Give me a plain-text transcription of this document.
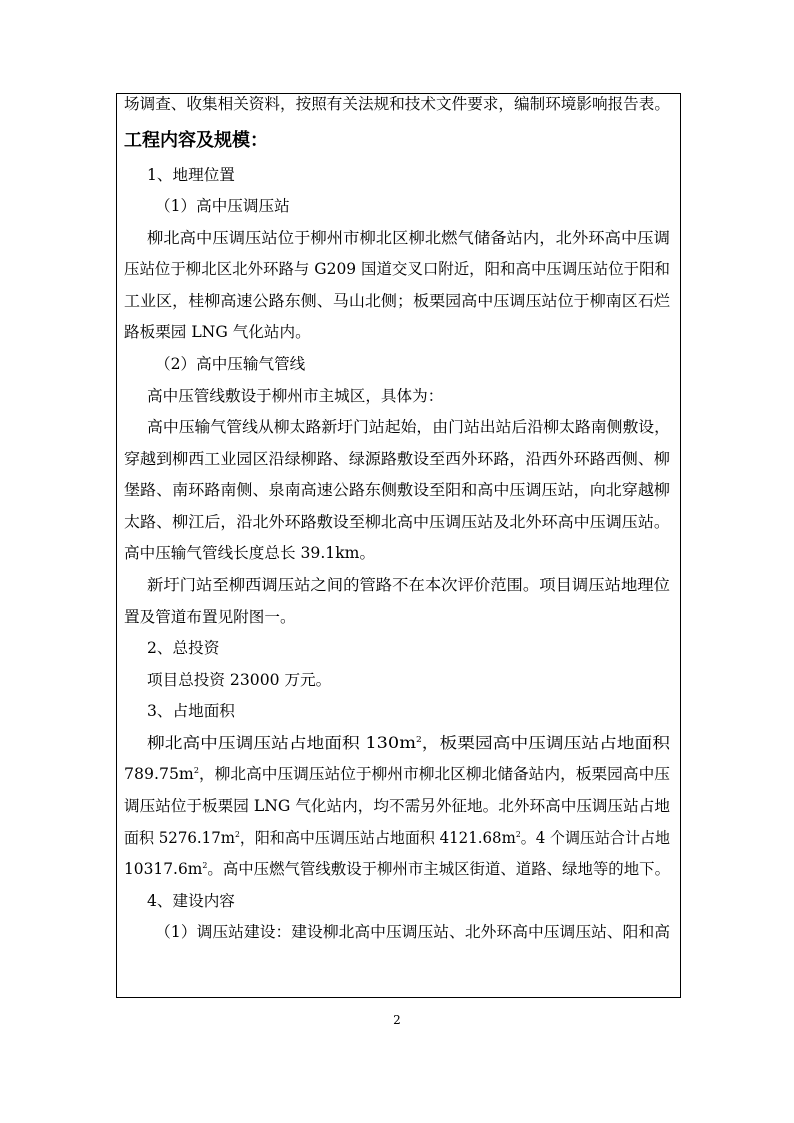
场调查、收集相关资料，按照有关法规和技术文件要求，编制环境影响报告表。
工程内容及规模：
1、地理位置
（1）高中压调压站
柳北高中压调压站位于柳州市柳北区柳北燃气储备站内，北外环高中压调
压站位于柳北区北外环路与 G209 国道交叉口附近，阳和高中压调压站位于阳和
工业区，桂柳高速公路东侧、马山北侧；板栗园高中压调压站位于柳南区石烂
路板栗园 LNG 气化站内。
（2）高中压输气管线
高中压管线敷设于柳州市主城区，具体为：
高中压输气管线从柳太路新圩门站起始，由门站出站后沿柳太路南侧敷设，
穿越到柳西工业园区沿绿柳路、绿源路敷设至西外环路，沿西外环路西侧、柳
堡路、南环路南侧、泉南高速公路东侧敷设至阳和高中压调压站，向北穿越柳
太路、柳江后，沿北外环路敷设至柳北高中压调压站及北外环高中压调压站。
高中压输气管线长度总长 39.1km。
新圩门站至柳西调压站之间的管路不在本次评价范围。项目调压站地理位
置及管道布置见附图一。
2、总投资
项目总投资 23000 万元。
3、占地面积
柳北高中压调压站占地面积 $130m^2$，板栗园高中压调压站占地面积
$789.75m^2$，柳北高中压调压站位于柳州市柳北区柳北储备站内，板栗园高中压
调压站位于板栗园 LNG 气化站内，均不需另外征地。北外环高中压调压站占地
面积 $5276.17m^2$，阳和高中压调压站占地面积 $4121.68m^2$。4 个调压站合计占地
$10317.6m^2$。高中压燃气管线敷设于柳州市主城区街道、道路、绿地等的地下。
4、建设内容
（1）调压站建设：建设柳北高中压调压站、北外环高中压调压站、阳和高
2
